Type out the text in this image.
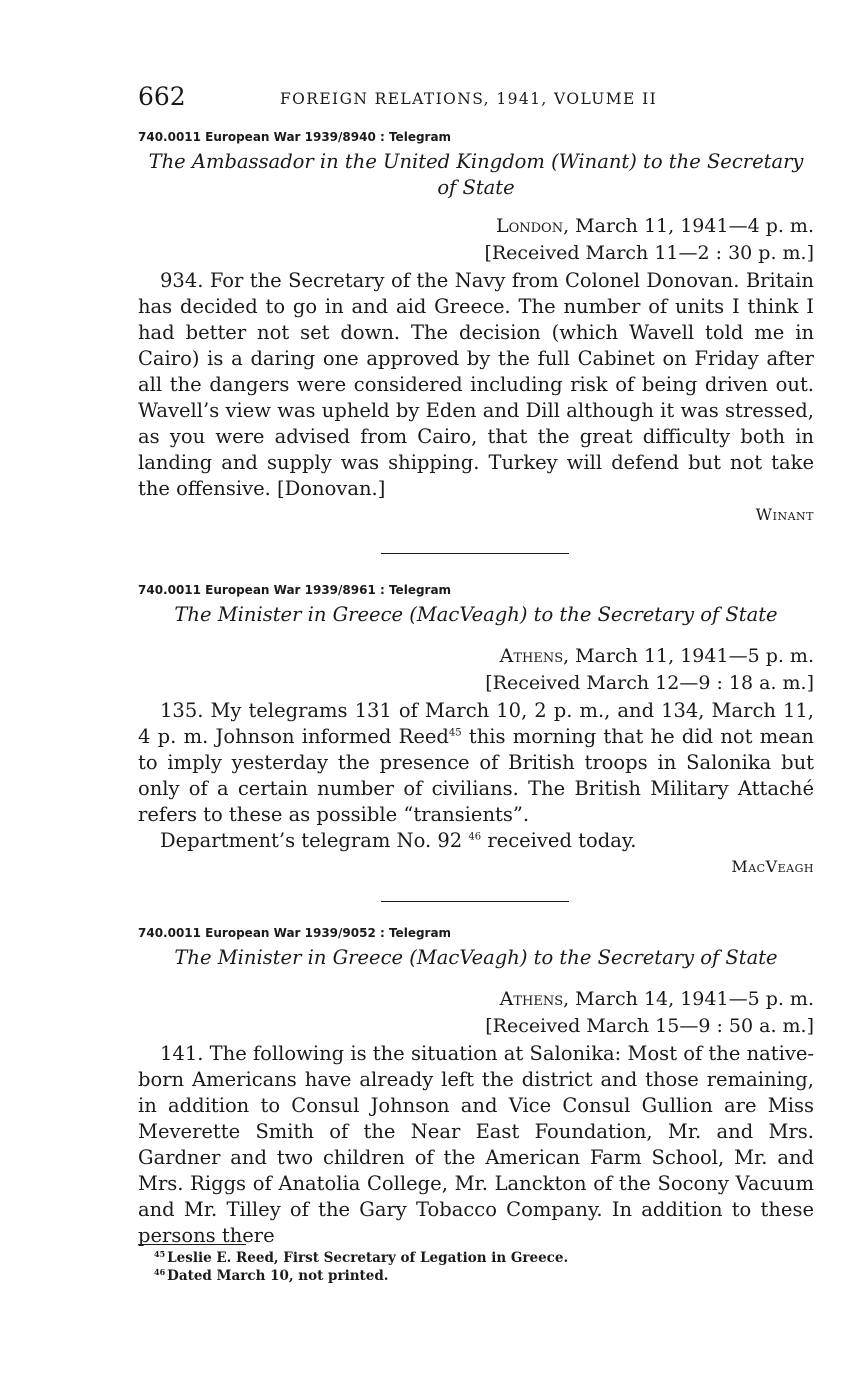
662	FOREIGN RELATIONS, 1941, VOLUME II
740.0011 European War 1939/8940 : Telegram
The Ambassador in the United Kingdom (Winant) to the Secretary of State
London, March 11, 1941—4 p. m.
[Received March 11—2 : 30 p. m.]

934. For the Secretary of the Navy from Colonel Donovan. Britain has decided to go in and aid Greece. The number of units I think I had better not set down. The decision (which Wavell told me in Cairo) is a daring one approved by the full Cabinet on Friday after all the dangers were considered including risk of being driven out. Wavell’s view was upheld by Eden and Dill although it was stressed, as you were advised from Cairo, that the great difficulty both in landing and supply was shipping. Turkey will defend but not take the offensive. [Donovan.]

Winant
740.0011 European War 1939/8961 : Telegram
The Minister in Greece (MacVeagh) to the Secretary of State
Athens, March 11, 1941—5 p. m.
[Received March 12—9 : 18 a. m.]

135. My telegrams 131 of March 10, 2 p. m., and 134, March 11, 4 p. m. Johnson informed Reed$^{45}$ this morning that he did not mean to imply yesterday the presence of British troops in Salonika but only of a certain number of civilians. The British Military Attaché refers to these as possible “transients”.

Department’s telegram No. 92 $^{46}$ received today.

MacVeagh
740.0011 European War 1939/9052 : Telegram
The Minister in Greece (MacVeagh) to the Secretary of State
Athens, March 14, 1941—5 p. m.
[Received March 15—9 : 50 a. m.]

141. The following is the situation at Salonika: Most of the native-born Americans have already left the district and those remaining, in addition to Consul Johnson and Vice Consul Gullion are Miss Meverette Smith of the Near East Foundation, Mr. and Mrs. Gardner and two children of the American Farm School, Mr. and Mrs. Riggs of Anatolia College, Mr. Lanckton of the Socony Vacuum and Mr. Tilley of the Gary Tobacco Company. In addition to these persons there

$^{45}$ Leslie E. Reed, First Secretary of Legation in Greece.
$^{46}$ Dated March 10, not printed.
